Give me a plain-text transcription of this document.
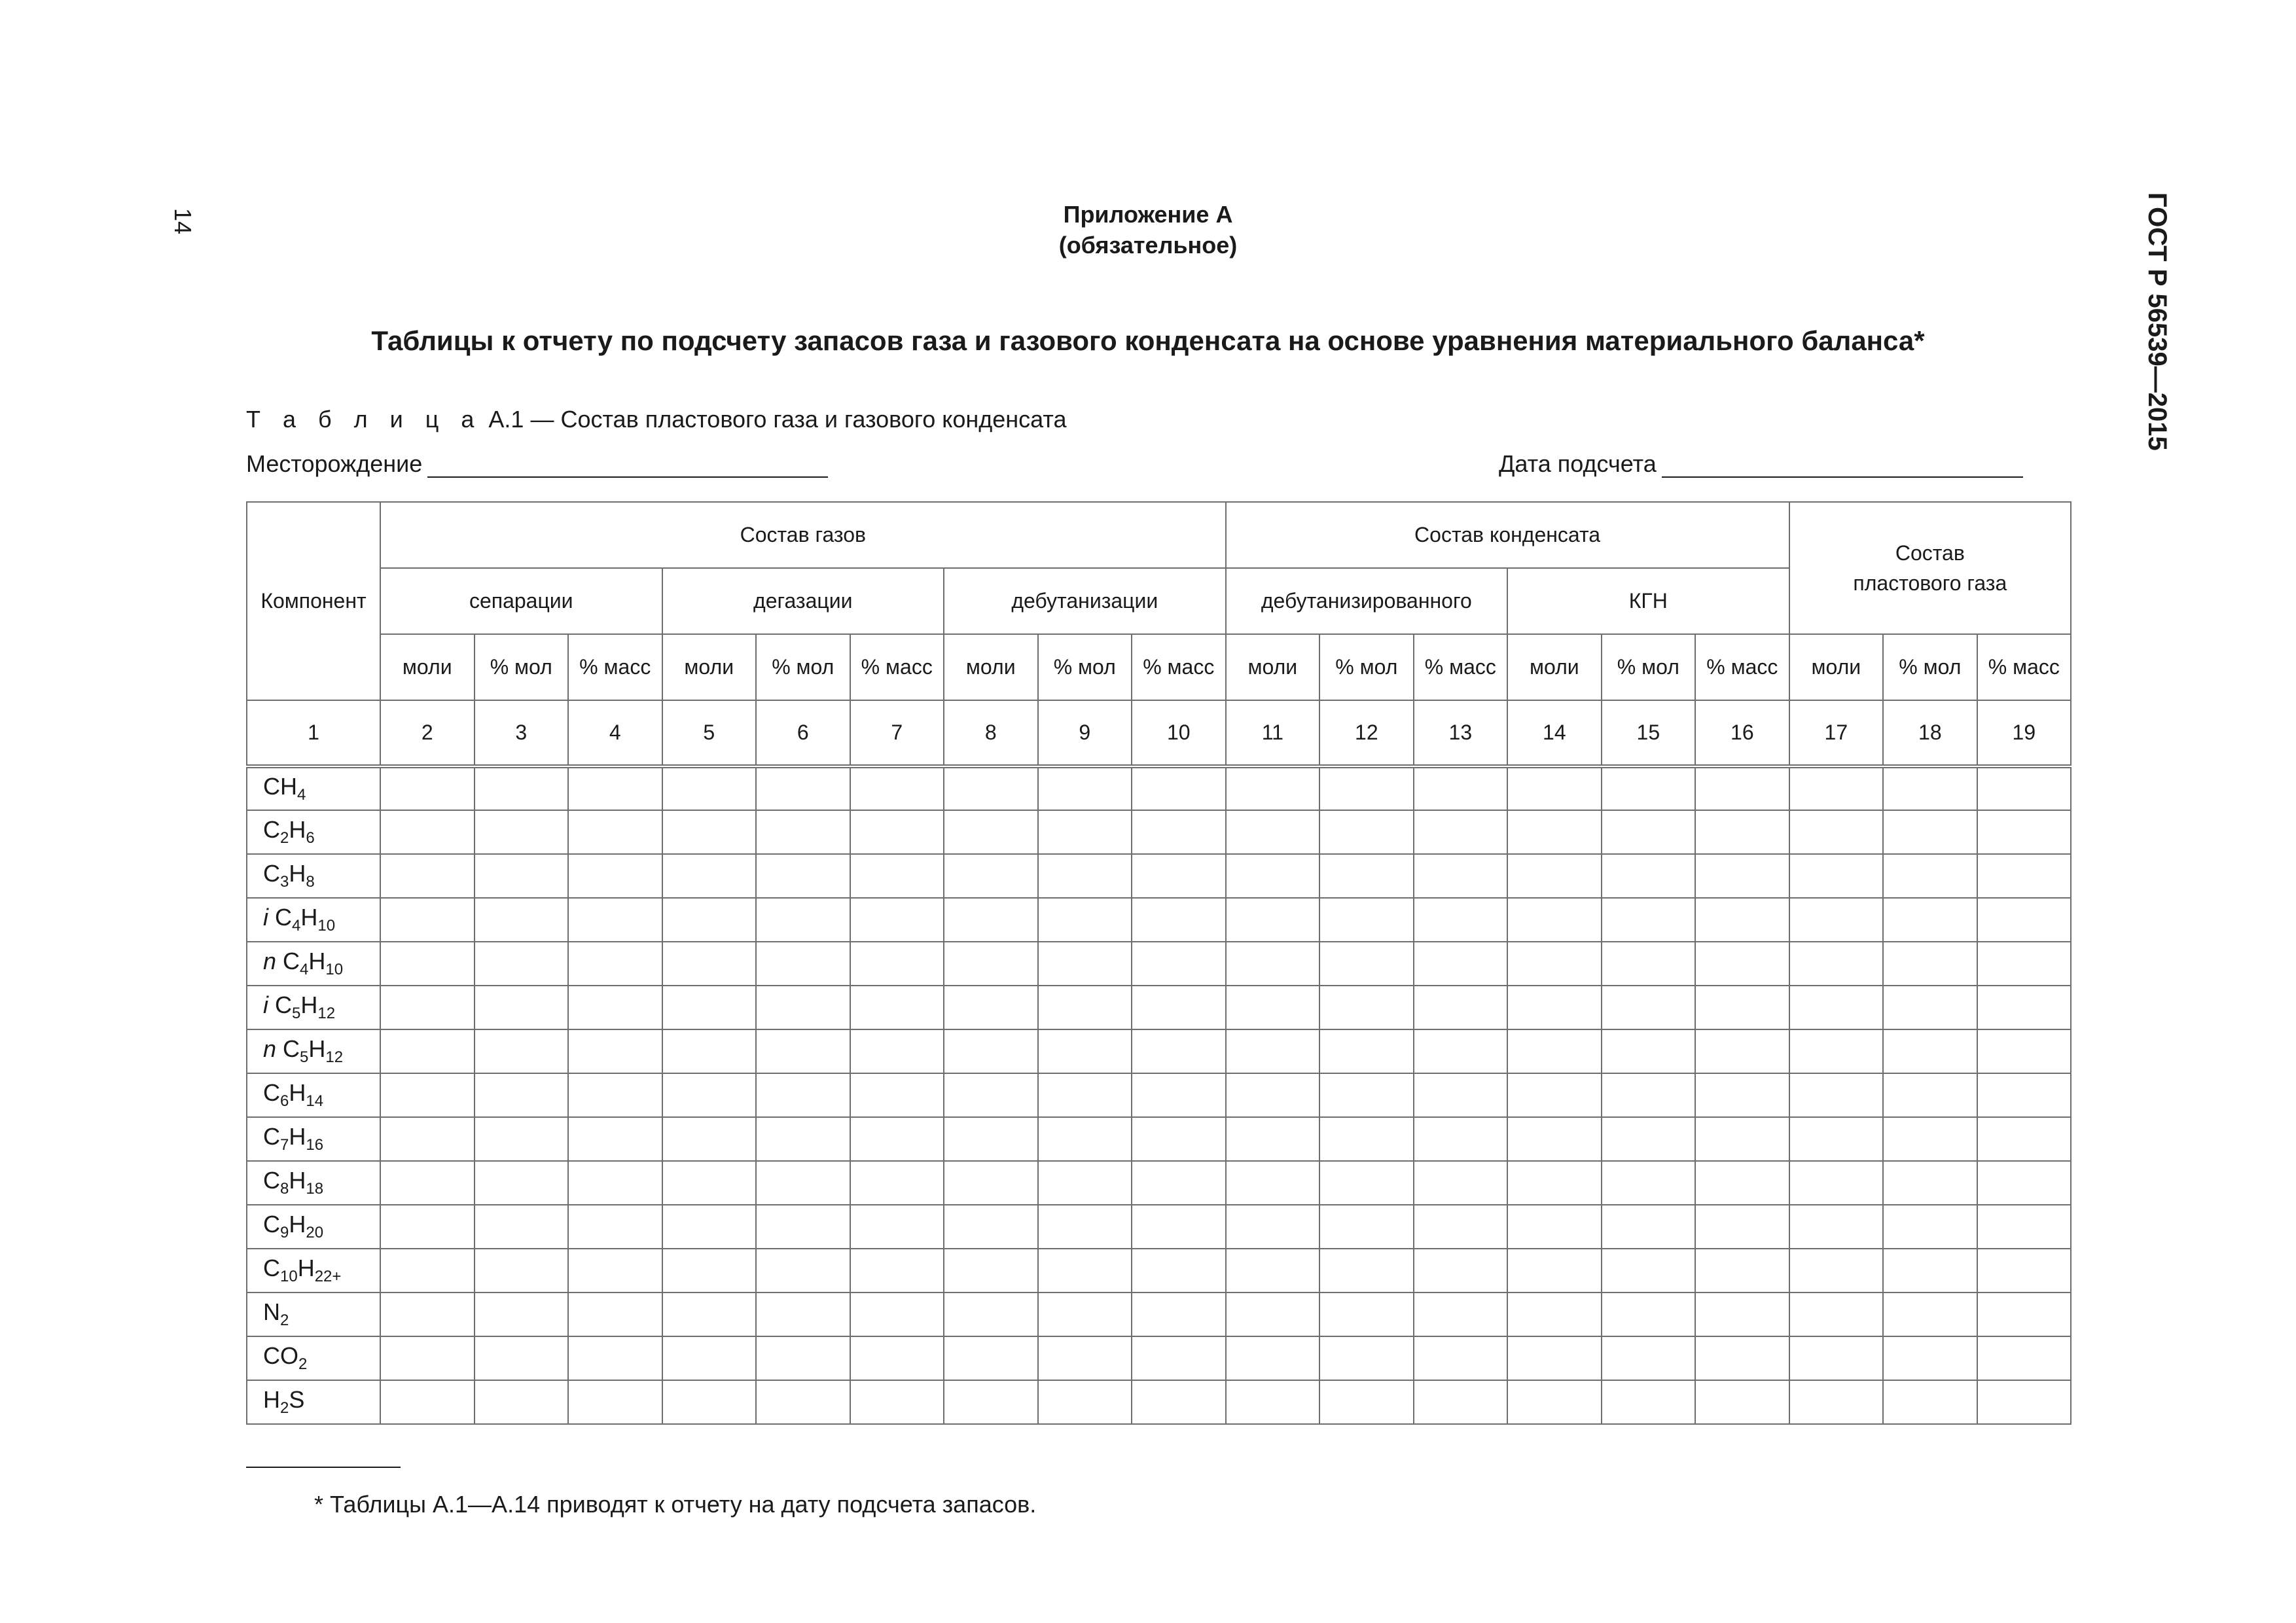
14	ГОСТ Р 56539—2015
Приложение А
(обязательное)
Таблицы к отчету по подсчету запасов газа и газового конденсата на основе уравнения материального баланса*
Т а б л и ц а А.1 — Состав пластового газа и газового конденсата
Месторождение	Дата подсчета
Компонент	Состав газов									Состав конденсата						Состав
пластового газа		
	сепарации			дегазации			дебутанизации			дебутанизированного			КГН					
	моли	% мол	% масс	моли	% мол	% масс	моли	% мол	% масс	моли	% мол	% масс	моли	% мол	% масс	моли	% мол	% масс
1	2	3	4	5	6	7	8	9	10	11	12	13	14	15	16	17	18	19
$CH_4$																		
$C_2H_6$																		
$C_3H_8$																		
i $C_4H_{10}$																		
n $C_4H_{10}$																		
i $C_5H_{12}$																		
n $C_5H_{12}$																		
$C_6H_{14}$																		
$C_7H_{16}$																		
$C_8H_{18}$																		
$C_9H_{20}$																		
$C_{10}H_{22+}$																		
$N_2$																		
$CO_2$																		
$H_2S$																		
* Таблицы А.1—А.14 приводят к отчету на дату подсчета запасов.
